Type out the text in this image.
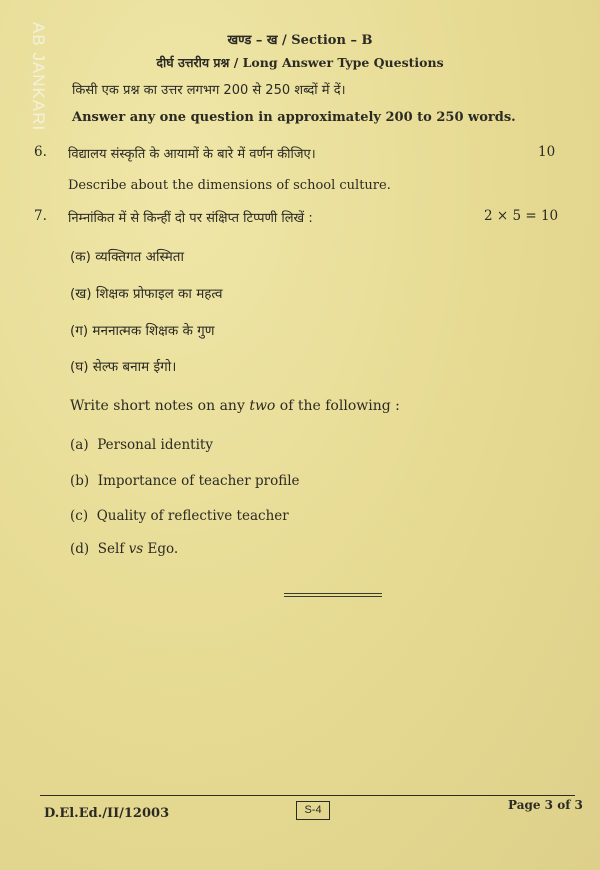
AB JANKARI	खण्ड – ख / Section – B
दीर्घ उत्तरीय प्रश्न / Long Answer Type Questions
किसी एक प्रश्न का उत्तर लगभग 200 से 250 शब्दों में दें।
Answer any one question in approximately 200 to 250 words.
6. विद्यालय संस्कृति के आयामों के बारे में वर्णन कीजिए।	10
Describe about the dimensions of school culture.
7. निम्नांकित में से किन्हीं दो पर संक्षिप्त टिप्पणी लिखें :	2 × 5 = 10
(क) व्यक्तिगत अस्मिता
(ख) शिक्षक प्रोफाइल का महत्व
(ग) मननात्मक शिक्षक के गुण
(घ) सेल्फ बनाम ईगो।
Write short notes on any two of the following :
(a) Personal identity
(b) Importance of teacher profile
(c) Quality of reflective teacher
(d) Self vs Ego.
D.El.Ed./II/12003	S-4	Page 3 of 3
